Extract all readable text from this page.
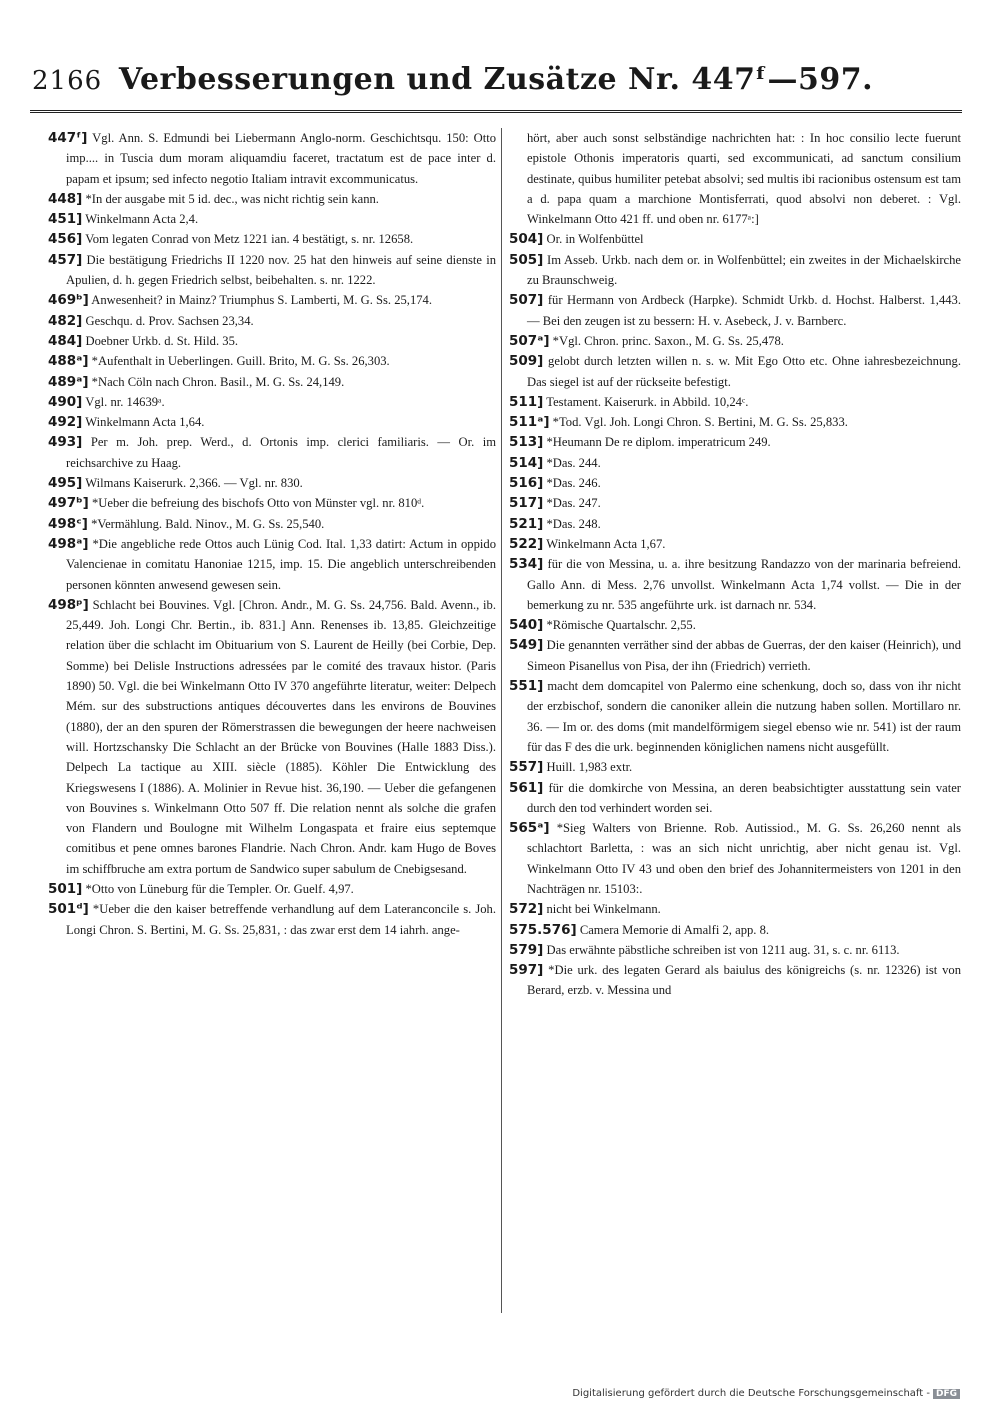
2166 Verbesserungen und Zusätze Nr. 447ᶠ—597.
447ᶠ] Vgl. Ann. S. Edmundi bei Liebermann Anglo-norm. Geschichtsqu. 150: Otto imp.... in Tuscia dum moram aliquamdiu faceret, tractatum est de pace inter d. papam et ipsum; sed infecto negotio Italiam intravit excommunicatus.
448] *In der ausgabe mit 5 id. dec., was nicht richtig sein kann.
451] Winkelmann Acta 2,4.
456] Vom legaten Conrad von Metz 1221 ian. 4 bestätigt, s. nr. 12658.
457] Die bestätigung Friedrichs II 1220 nov. 25 hat den hinweis auf seine dienste in Apulien, d. h. gegen Friedrich selbst, beibehalten. s. nr. 1222.
469ᵇ] Anwesenheit? in Mainz? Triumphus S. Lamberti, M. G. Ss. 25,174.
482] Geschqu. d. Prov. Sachsen 23,34.
484] Doebner Urkb. d. St. Hild. 35.
488ᵃ] *Aufenthalt in Ueberlingen. Guill. Brito, M. G. Ss. 26,303.
489ᵃ] *Nach Cöln nach Chron. Basil., M. G. Ss. 24,149.
490] Vgl. nr. 14639ᵃ.
492] Winkelmann Acta 1,64.
493] Per m. Joh. prep. Werd., d. Ortonis imp. clerici familiaris. — Or. im reichsarchive zu Haag.
495] Wilmans Kaiserurk. 2,366. — Vgl. nr. 830.
497ᵇ] *Ueber die befreiung des bischofs Otto von Münster vgl. nr. 810ᵈ.
498ᶜ] *Vermählung. Bald. Ninov., M. G. Ss. 25,540.
498ᵃ] *Die angebliche rede Ottos auch Lünig Cod. Ital. 1,33 datirt: Actum in oppido Valencienae in comitatu Hanoniae 1215, imp. 15. Die angeblich unterschreibenden personen könnten anwesend gewesen sein.
498ᵖ] Schlacht bei Bouvines. Vgl. [Chron. Andr., M. G. Ss. 24,756. Bald. Avenn., ib. 25,449. Joh. Longi Chr. Bertin., ib. 831.] Ann. Renenses ib. 13,85. Gleichzeitige relation über die schlacht im Obituarium von S. Laurent de Heilly (bei Corbie, Dep. Somme) bei Delisle Instructions adressées par le comité des travaux histor. (Paris 1890) 50. Vgl. die bei Winkelmann Otto IV 370 angeführte literatur, weiter: Delpech Mém. sur des substructions antiques découvertes dans les environs de Bouvines (1880), der an den spuren der Römerstrassen die bewegungen der heere nachweisen will. Hortzschansky Die Schlacht an der Brücke von Bouvines (Halle 1883 Diss.). Delpech La tactique au XIII. siècle (1885). Köhler Die Entwicklung des Kriegswesens I (1886). A. Molinier in Revue hist. 36,190. — Ueber die gefangenen von Bouvines s. Winkelmann Otto 507 ff. Die relation nennt als solche die grafen von Flandern und Boulogne mit Wilhelm Longaspata et fraire eius septemque comitibus et pene omnes barones Flandrie. Nach Chron. Andr. kam Hugo de Boves im schiffbruche am extra portum de Sandwico super sabulum de Cnebigsesand.
501] *Otto von Lüneburg für die Templer. Or. Guelf. 4,97.
501ᵈ] *Ueber die den kaiser betreffende verhandlung auf dem Lateranconcile s. Joh. Longi Chron. S. Bertini, M. G. Ss. 25,831, : das zwar erst dem 14 iahrh. ange-
hört, aber auch sonst selbständige nachrichten hat: : In hoc consilio lecte fuerunt epistole Othonis imperatoris quarti, sed excommunicati, ad sanctum consilium destinate, quibus humiliter petebat absolvi; sed multis ibi racionibus ostensum est tam a d. papa quam a marchione Montisferrati, quod absolvi non deberet. : Vgl. Winkelmann Otto 421 ff. und oben nr. 6177ᵃ:]
504] Or. in Wolfenbüttel
505] Im Asseb. Urkb. nach dem or. in Wolfenbüttel; ein zweites in der Michaelskirche zu Braunschweig.
507] für Hermann von Ardbeck (Harpke). Schmidt Urkb. d. Hochst. Halberst. 1,443. — Bei den zeugen ist zu bessern: H. v. Asebeck, J. v. Barnberc.
507ᵃ] *Vgl. Chron. princ. Saxon., M. G. Ss. 25,478.
509] gelobt durch letzten willen n. s. w. Mit Ego Otto etc. Ohne iahresbezeichnung. Das siegel ist auf der rückseite befestigt.
511] Testament. Kaiserurk. in Abbild. 10,24ᶜ.
511ᵃ] *Tod. Vgl. Joh. Longi Chron. S. Bertini, M. G. Ss. 25,833.
513] *Heumann De re diplom. imperatricum 249.
514] *Das. 244.
516] *Das. 246.
517] *Das. 247.
521] *Das. 248.
522] Winkelmann Acta 1,67.
534] für die von Messina, u. a. ihre besitzung Randazzo von der marinaria befreiend. Gallo Ann. di Mess. 2,76 unvollst. Winkelmann Acta 1,74 vollst. — Die in der bemerkung zu nr. 535 angeführte urk. ist darnach nr. 534.
540] *Römische Quartalschr. 2,55.
549] Die genannten verräther sind der abbas de Guerras, der den kaiser (Heinrich), und Simeon Pisanellus von Pisa, der ihn (Friedrich) verrieth.
551] macht dem domcapitel von Palermo eine schenkung, doch so, dass von ihr nicht der erzbischof, sondern die canoniker allein die nutzung haben sollen. Mortillaro nr. 36. — Im or. des doms (mit mandelförmigem siegel ebenso wie nr. 541) ist der raum für das F des die urk. beginnenden königlichen namens nicht ausgefüllt.
557] Huill. 1,983 extr.
561] für die domkirche von Messina, an deren beabsichtigter ausstattung sein vater durch den tod verhindert worden sei.
565ᵃ] *Sieg Walters von Brienne. Rob. Autissiod., M. G. Ss. 26,260 nennt als schlachtort Barletta, : was an sich nicht unrichtig, aber nicht genau ist. Vgl. Winkelmann Otto IV 43 und oben den brief des Johannitermeisters von 1201 in den Nachträgen nr. 15103:.
572] nicht bei Winkelmann.
575.576] Camera Memorie di Amalfi 2, app. 8.
579] Das erwähnte päbstliche schreiben ist von 1211 aug. 31, s. c. nr. 6113.
597] *Die urk. des legaten Gerard als baiulus des königreichs (s. nr. 12326) ist von Berard, erzb. v. Messina und
Digitalisierung gefördert durch die Deutsche Forschungsgemeinschaft - DFG
